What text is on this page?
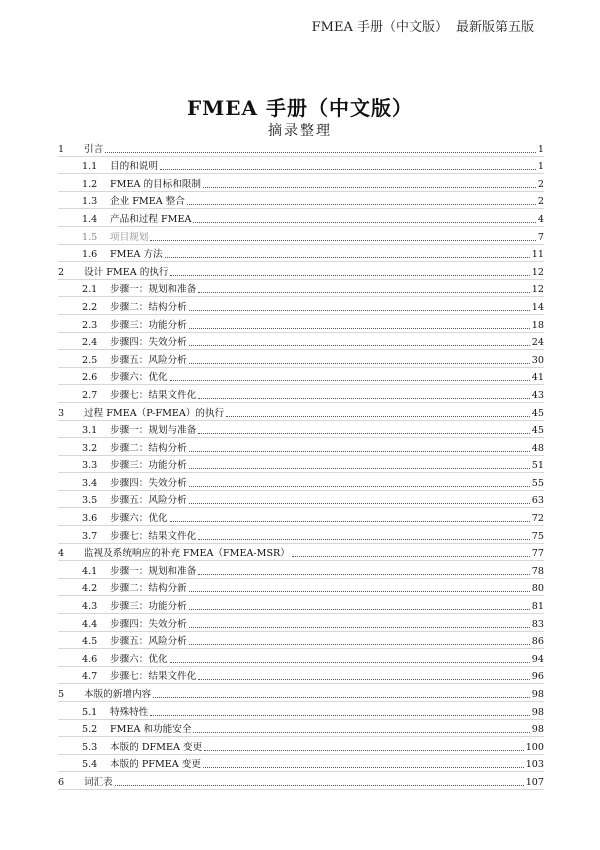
FMEA 手册（中文版） 最新版第五版
FMEA 手册（中文版）
摘录整理
1	引言	1
1.1	目的和说明	1
1.2	FMEA 的目标和限制	2
1.3	企业 FMEA 整合	2
1.4	产品和过程 FMEA	4
1.5	项目规划	7
1.6	FMEA 方法	11
2	设计 FMEA 的执行	12
2.1	步骤一：规划和准备	12
2.2	步骤二：结构分析	14
2.3	步骤三：功能分析	18
2.4	步骤四：失效分析	24
2.5	步骤五：风险分析	30
2.6	步骤六：优化	41
2.7	步骤七：结果文件化	43
3	过程 FMEA（P-FMEA）的执行	45
3.1	步骤一：规划与准备	45
3.2	步骤二：结构分析	48
3.3	步骤三：功能分析	51
3.4	步骤四：失效分析	55
3.5	步骤五：风险分析	63
3.6	步骤六：优化	72
3.7	步骤七：结果文件化	75
4	监视及系统响应的补充 FMEA（FMEA-MSR）	77
4.1	步骤一：规划和准备	78
4.2	步骤二：结构分新	80
4.3	步骤三：功能分析	81
4.4	步骤四：失效分析	83
4.5	步骤五：风险分析	86
4.6	步骤六：优化	94
4.7	步骤七：结果文件化	96
5	本版的新增内容	98
5.1	特殊特性	98
5.2	FMEA 和功能安全	98
5.3	本版的 DFMEA 变更	100
5.4	本版的 PFMEA 变更	103
6	词汇表	107
